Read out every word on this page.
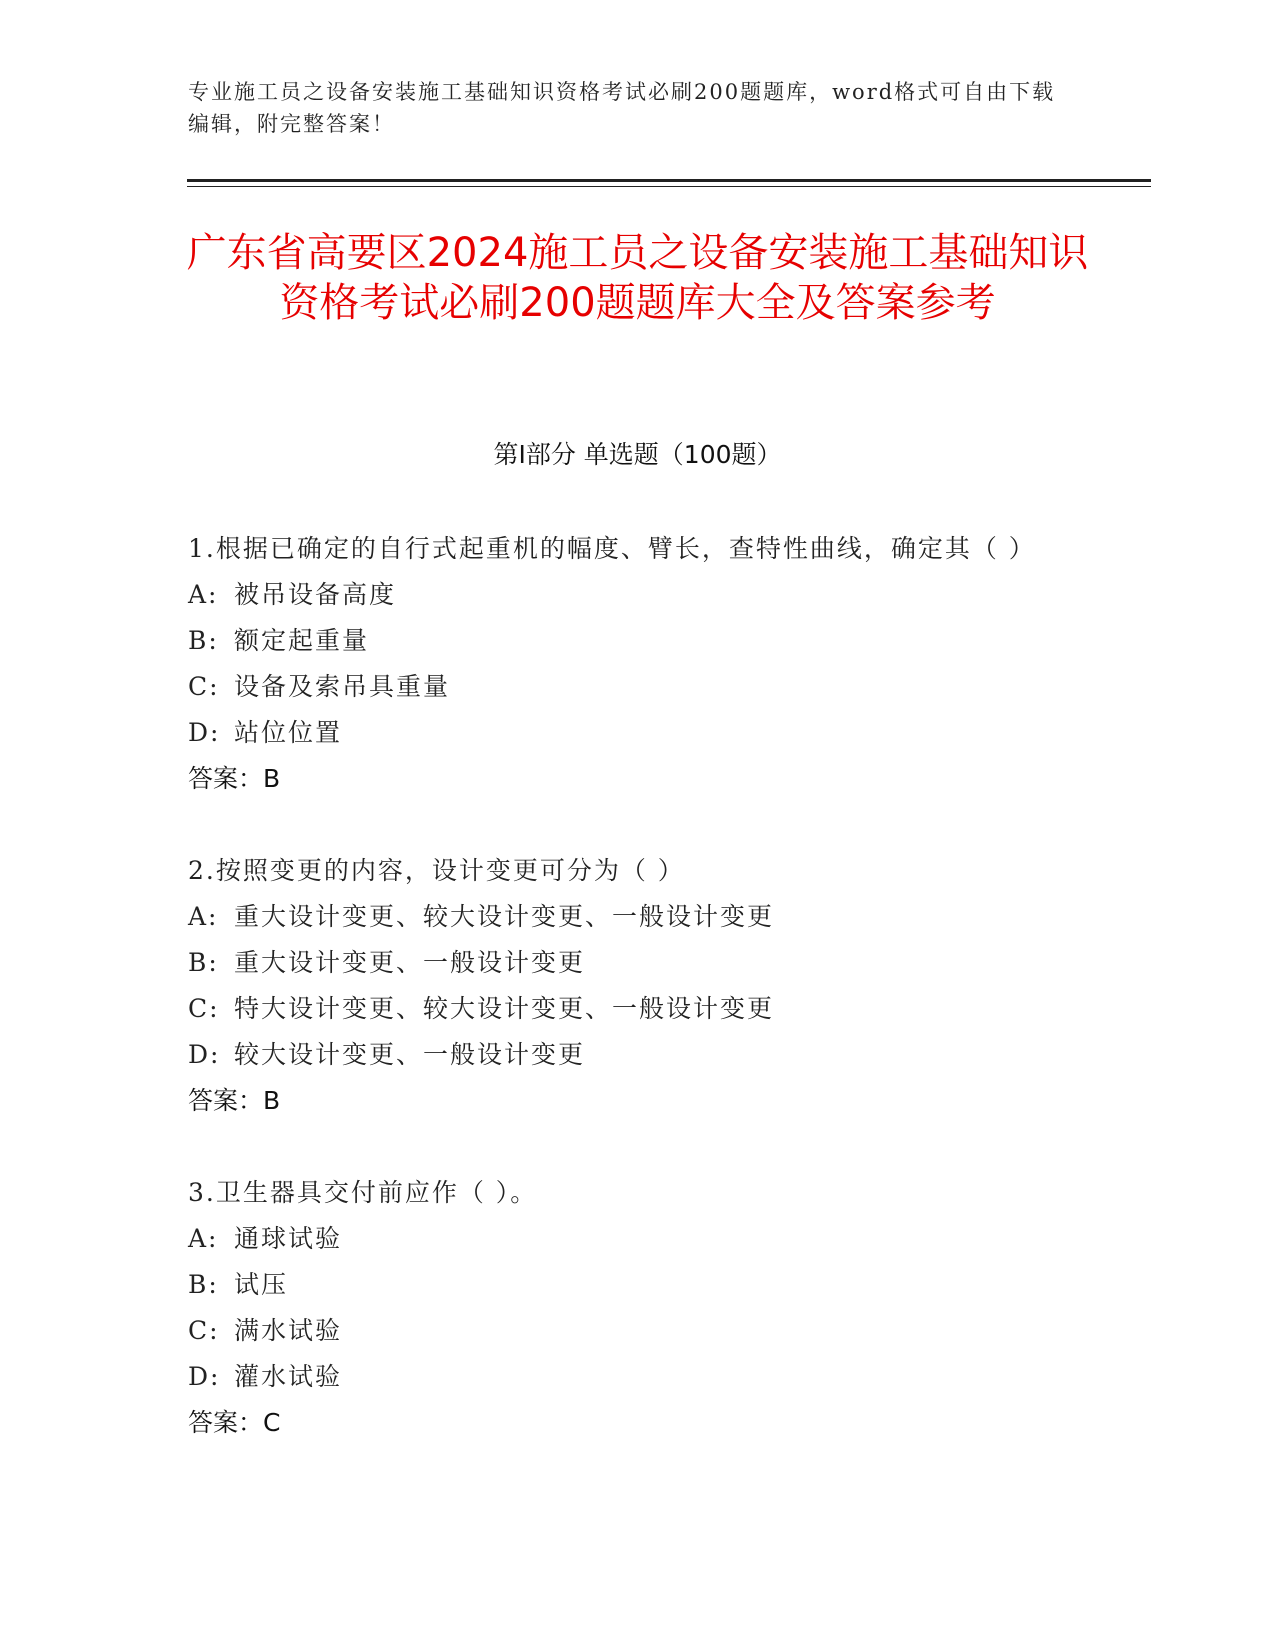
专业施工员之设备安装施工基础知识资格考试必刷200题题库，word格式可自由下载编辑，附完整答案！
广东省高要区2024施工员之设备安装施工基础知识资格考试必刷200题题库大全及答案参考
第Ⅰ部分 单选题（100题）
1.根据已确定的自行式起重机的幅度、臂长，查特性曲线，确定其（ ）
A: 被吊设备高度
B: 额定起重量
C: 设备及索吊具重量
D: 站位位置
答案：B
2.按照变更的内容，设计变更可分为（ ）
A: 重大设计变更、较大设计变更、一般设计变更
B: 重大设计变更、一般设计变更
C: 特大设计变更、较大设计变更、一般设计变更
D: 较大设计变更、一般设计变更
答案：B
3.卫生器具交付前应作（ ）。
A: 通球试验
B: 试压
C: 满水试验
D: 灌水试验
答案：C
